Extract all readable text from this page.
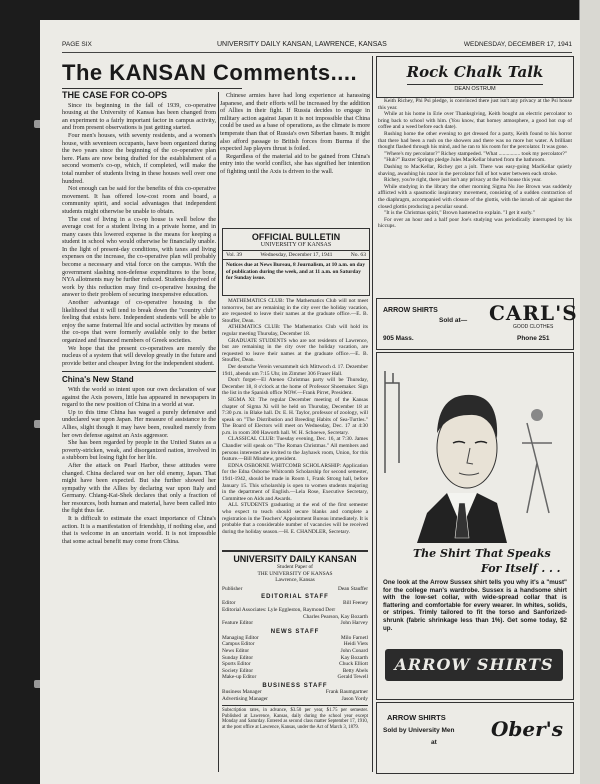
PAGE SIX	UNIVERSITY DAILY KANSAN, LAWRENCE, KANSAS	WEDNESDAY, DECEMBER 17, 1941
The KANSAN Comments....
THE CASE FOR CO-OPS

Since its beginning in the fall of 1939, co-operative housing at the University of Kansas has been changed from an experiment to a fairly important factor in campus activity, and from present observations is just getting started.

Four men's houses, with seventy residents, and a women's house, with seventeen occupants, have been organized during the two years since the beginning of the co-operative plan here. Plans are now being drafted for the establishment of a second women's co-op, which, if completed, will make the total number of students living in these houses well over one hundred.

Not enough can be said for the benefits of this co-operative movement. It has offered low-cost room and board, a community spirit, and social advantages that independent students might otherwise be unable to obtain.

The cost of living in a co-op house is well below the average cost for a student living in a private home, and in many cases this lowered expense is the means for keeping a student in school who would otherwise be financially unable. In the light of present-day conditions, with taxes and living expenses on the increase, the co-operative plan will probably become a necessary and vital force on the campus. With the government slashing non-defense expenditures to the bone, NYA allotments may be further reduced. Students deprived of work by this reduction may find co-operative housing the answer to their problem of securing inexpensive education.

Another advantage of co-operative housing is the likelihood that it will tend to break down the "country club" feeling that exists here. Independent students will be able to enjoy the same fraternal life and social activities by means of the co-ops that were formerly available only to the better organized and financed members of Greek societies.

We hope that the present co-operatives are merely the nucleus of a system that will develop greatly in the future and provide better and cheaper living for the independent student.

China's New Stand

With the world so intent upon our own declaration of war against the Axis powers, little has appeared in newspapers in regard to the new position of China in a world at war.

Up to this time China has waged a purely defensive and undeclared war upon Japan. Her measure of assistance to the Allies, slight though it may have been, resulted merely from her own defense against an Axis aggressor.

She has been regarded by people in the United States as a poverty-stricken, weak, and disorganized nation, involved in a stubborn but losing fight for her life.

After the attack on Pearl Harbor, these attitudes were changed. China declared war on her old enemy, Japan. That might have been expected. But she further showed her sympathy with the Allies by declaring war upon Italy and Germany. Chiang-Kai-Shek declares that only a fraction of her resources, both human and material, have been called into the fight thus far.

It is difficult to estimate the exact importance of China's action. It is a manifestation of friendship, if nothing else, and that is welcome in an uncertain world. It is not impossible that some actual benefit may come from China.

Chinese armies have had long experience at harassing Japanese, and their efforts will be increased by the addition of Allies in their fight. If Russia decides to engage in military action against Japan it is not impossible that China could be used as a base of operations, as the climate is more temperate than that of Russia's own Siberian bases. It might also afford passage to British forces from Burma if the expected Jap players thrust is foiled.

Regardless of the material aid to be gained from China's entry into the world conflict, she has signified her intention of fighting until the Axis is driven to the wall.

OFFICIAL BULLETIN
UNIVERSITY OF KANSAS
Vol. 39	Wednesday, December 17, 1941	No. 63
Notices due at News Bureau, 8 Journalism, at 10 a.m. on day of publication during the week, and at 11 a.m. on Saturday for Sunday issue.

MATHEMATICS CLUB: The Mathematics Club will not meet tomorrow, but are remaining in the city over the holiday vacation, are requested to leave their names at the graduate office.—E. B. Stouffer, Dean.

ATHEMATICS CLUB: The Mathematics Club will hold its regular meeting Thursday, December 18.

GRADUATE STUDENTS who are not residents of Lawrence, but are remaining in the city over the holiday vacation, are requested to leave their names at the graduate office.—E. B. Stouffer, Dean.

Der deutsche Verein versammelt sich Mittwoch d. 17. Dezember 1941, abends um 7:15 Uhr, im Zimmer 306 Fraser Hall.

Don't forget—El Ateneo Christmas party will be Thursday, December 18, 8 o'clock at the home of Professor Shoemaker. Sign the list in the Spanish office NOW.—Frank Pirret, President.

SIGMA XI: The regular December meeting of the Kansas chapter of Sigma Xi will be held on Thursday, December 18 at 7:30 p.m. in Blake hall. Dr. E. H. Taylor, professor of zoology, will speak on "The Distribution and Breeding Habits of Sea-Turtles." The Board of Electors will meet on Wednesday, Dec. 17 at 4:30 p.m. in room 300 Haworth hall. W. H. Schoewe, Secretary.

CLASSICAL CLUB: Tuesday evening, Dec. 16, at 7:30. James Chandler will speak on "The Roman Christmas." All members and persons interested are invited to the Jayhawk room, Union, for this feature.—Bill Minshew, president.

EDNA OSBORNE WHITCOMB SCHOLARSHIP: Application for the Edna Osborne Whitcomb Scholarship for second semester, 1941-1942, should be made in Room 1, Frank Strong hall, before January 15. This scholarship is open to women students majoring in the department of English.—Lela Rose, Executive Secretary, Committee on Aids and Awards.

ALL STUDENTS graduating at the end of the first semester who expect to teach should secure blanks and complete a registration in the Teachers' Appointment Bureau immediately. It is probable that a considerable number of vacancies will be received during the holiday season.—H. E. CHANDLER, Secretary.

UNIVERSITY DAILY KANSAN
Student Paper of
THE UNIVERSITY OF KANSAS
Lawrence, Kansas
Publisher	Dean Stauffer
EDITORIAL STAFF
Editor	Bill Feeney
Editorial Associates: Lyle Eggleston, Raymond Derr
Charles Pearson, Kay Bozarth
Feature Editor	John Harvey
NEWS STAFF
Managing Editor	Milo Farnetl
Campus Editor	Heidi Viets
News Editor	John Conard
Sunday Editor	Kay Bozarth
Sports Editor	Chuck Elliott
Society Editor	Betty Abels
Make-up Editor	Gerald Tewell
BUSINESS STAFF
Business Manager	Frank Baumgartner
Advertising Manager	Jason Yordy
Subscription rates, in advance, $3.50 per year, $1.75 per semester. Published at Lawrence, Kansas, daily during the school year except Monday and Saturday. Entered as second class matter September 17, 1910, at the post office at Lawrence, Kansas, under the Act of March 3, 1879.
Rock Chalk Talk
DEAN OSTRUM

Keith Richey, Phi Psi pledge, is convinced there just isn't any privacy at the Psi house this year.

While at his home in Erie over Thanksgiving, Keith bought an electric percolator to bring back to school with him. (You know, that homey atmosphere, a good hot cup of coffee and a weed before each date).

Rushing home the other evening to get dressed for a party, Keith found to his horror that there had been a rush on the showers and there was no more hot water. A brilliant thought flashed through his mind, and he ran to his room for the percolator. It was gone.

"Where's my percolator?" Richey stampeded. "What ................ took my percolator?"

"Huh?" Baxter Springs pledge Jules MacKellar blurted from the bathroom.

Dashing to MacKellar, Richey got a jolt. There was easy-going MacKellar quietly shaving, awashing his razor in the percolator full of hot water between each stroke.

Richey, you're right, there just isn't any privacy at the Psi house this year.

While studying in the library the other morning Sigma Nu Joe Brown was suddenly afflicted with a spasmodic inspiratory movement, consisting of a sudden contraction of the diaphragm, accompanied with closure of the glottis, with the inrush of air against the closed glottis producing a peculiar sound.

"It is the Christmas spirit," Brown hastened to explain. "I get it early."

For over an hour and a half poor Joe's studying was periodically interrupted by his hiccups.

ARROW SHIRTS
Sold at—
905 Mass.
CARL'S
GOOD CLOTHES
Phone 251
The Shirt That Speaks
For Itself . . .
One look at the Arrow Sussex shirt tells you why it's a "must" for the college man's wardrobe. Sussex is a handsome shirt with the low-set collar, with wide-spread collar that is flattering and comfortable for every wearer. In whites, solids, or stripes. Trimly tailored to fit the torso and Sanforized-shrunk (fabric shrinkage less than 1%). Get some today, $2 up.
ARROW SHIRTS
ARROW SHIRTS
Sold by University Men
at
Ober's
